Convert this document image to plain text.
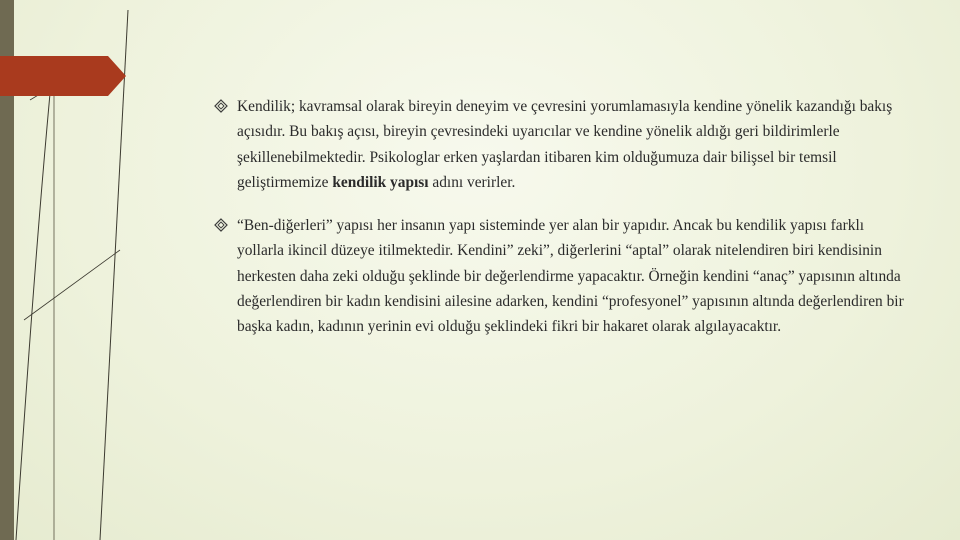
Kendilik; kavramsal olarak bireyin deneyim ve çevresini yorumlamasıyla kendine yönelik kazandığı bakış açısıdır. Bu bakış açısı, bireyin çevresindeki uyarıcılar ve kendine yönelik aldığı geri bildirimlerle şekillenebilmektedir. Psikologlar erken yaşlardan itibaren kim olduğumuza dair bilişsel bir temsil geliştirmemize kendilik yapısı adını verirler.
“Ben-diğerleri” yapısı her insanın yapı sisteminde yer alan bir yapıdır. Ancak bu kendilik yapısı farklı yollarla ikincil düzeye itilmektedir. Kendini” zeki”, diğerlerini “aptal” olarak nitelendiren biri kendisinin herkesten daha zeki olduğu şeklinde bir değerlendirme yapacaktır. Örneğin kendini “anaç” yapısının altında değerlendiren bir kadın kendisini ailesine adarken, kendini “profesyonel” yapısının altında değerlendiren bir başka kadın, kadının yerinin evi olduğu şeklindeki fikri bir hakaret olarak algılayacaktır.
